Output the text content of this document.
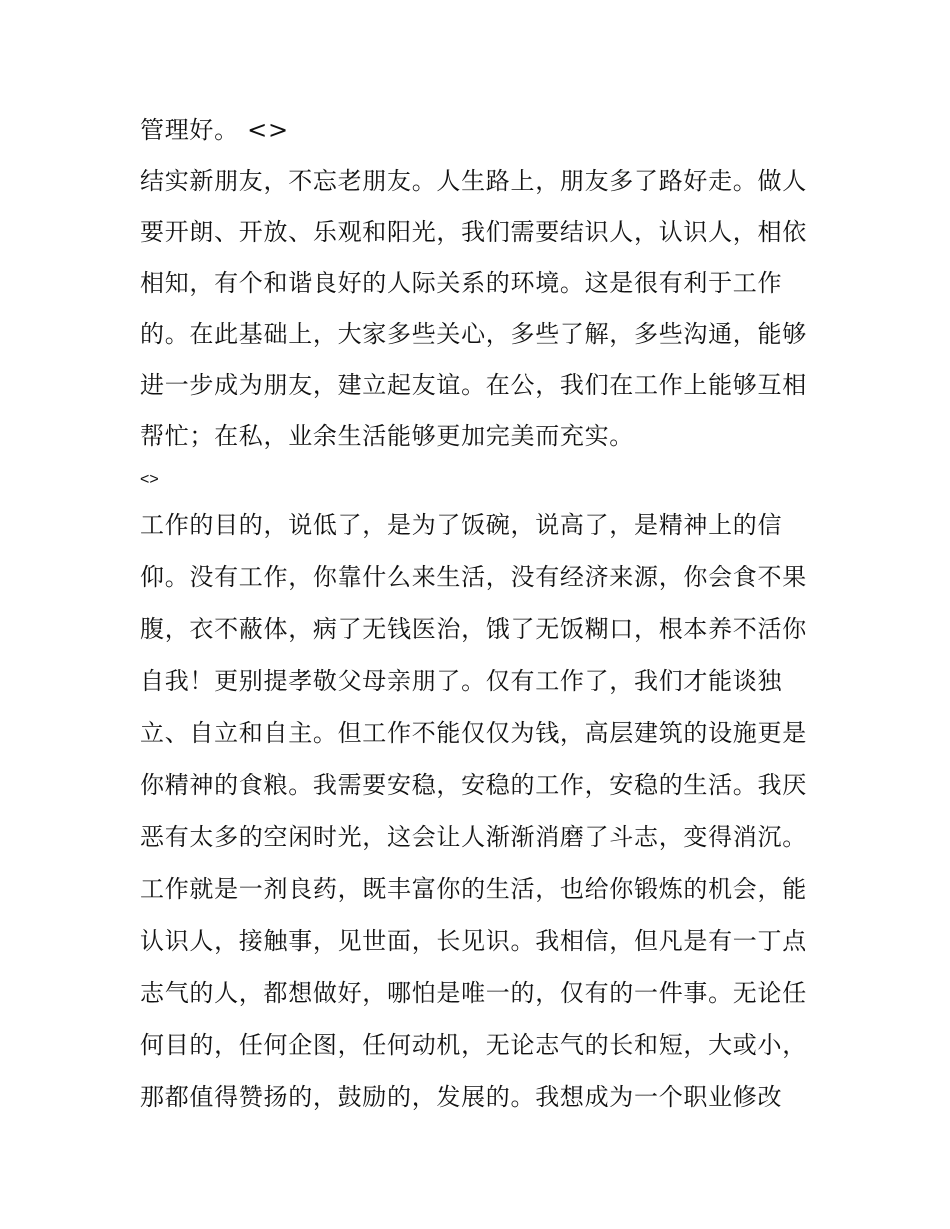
管理好。 <>
结实新朋友，不忘老朋友。人生路上，朋友多了路好走。做人
要开朗、开放、乐观和阳光，我们需要结识人，认识人，相依
相知，有个和谐良好的人际关系的环境。这是很有利于工作
的。在此基础上，大家多些关心，多些了解，多些沟通，能够
进一步成为朋友，建立起友谊。在公，我们在工作上能够互相
帮忙；在私，业余生活能够更加完美而充实。
<>
工作的目的，说低了，是为了饭碗，说高了，是精神上的信
仰。没有工作，你靠什么来生活，没有经济来源，你会食不果
腹，衣不蔽体，病了无钱医治，饿了无饭糊口，根本养不活你
自我！更别提孝敬父母亲朋了。仅有工作了，我们才能谈独
立、自立和自主。但工作不能仅仅为钱，高层建筑的设施更是
你精神的食粮。我需要安稳，安稳的工作，安稳的生活。我厌
恶有太多的空闲时光，这会让人渐渐消磨了斗志，变得消沉。
工作就是一剂良药，既丰富你的生活，也给你锻炼的机会，能
认识人，接触事，见世面，长见识。我相信，但凡是有一丁点
志气的人，都想做好，哪怕是唯一的，仅有的一件事。无论任
何目的，任何企图，任何动机，无论志气的长和短，大或小，
那都值得赞扬的，鼓励的，发展的。我想成为一个职业修改
